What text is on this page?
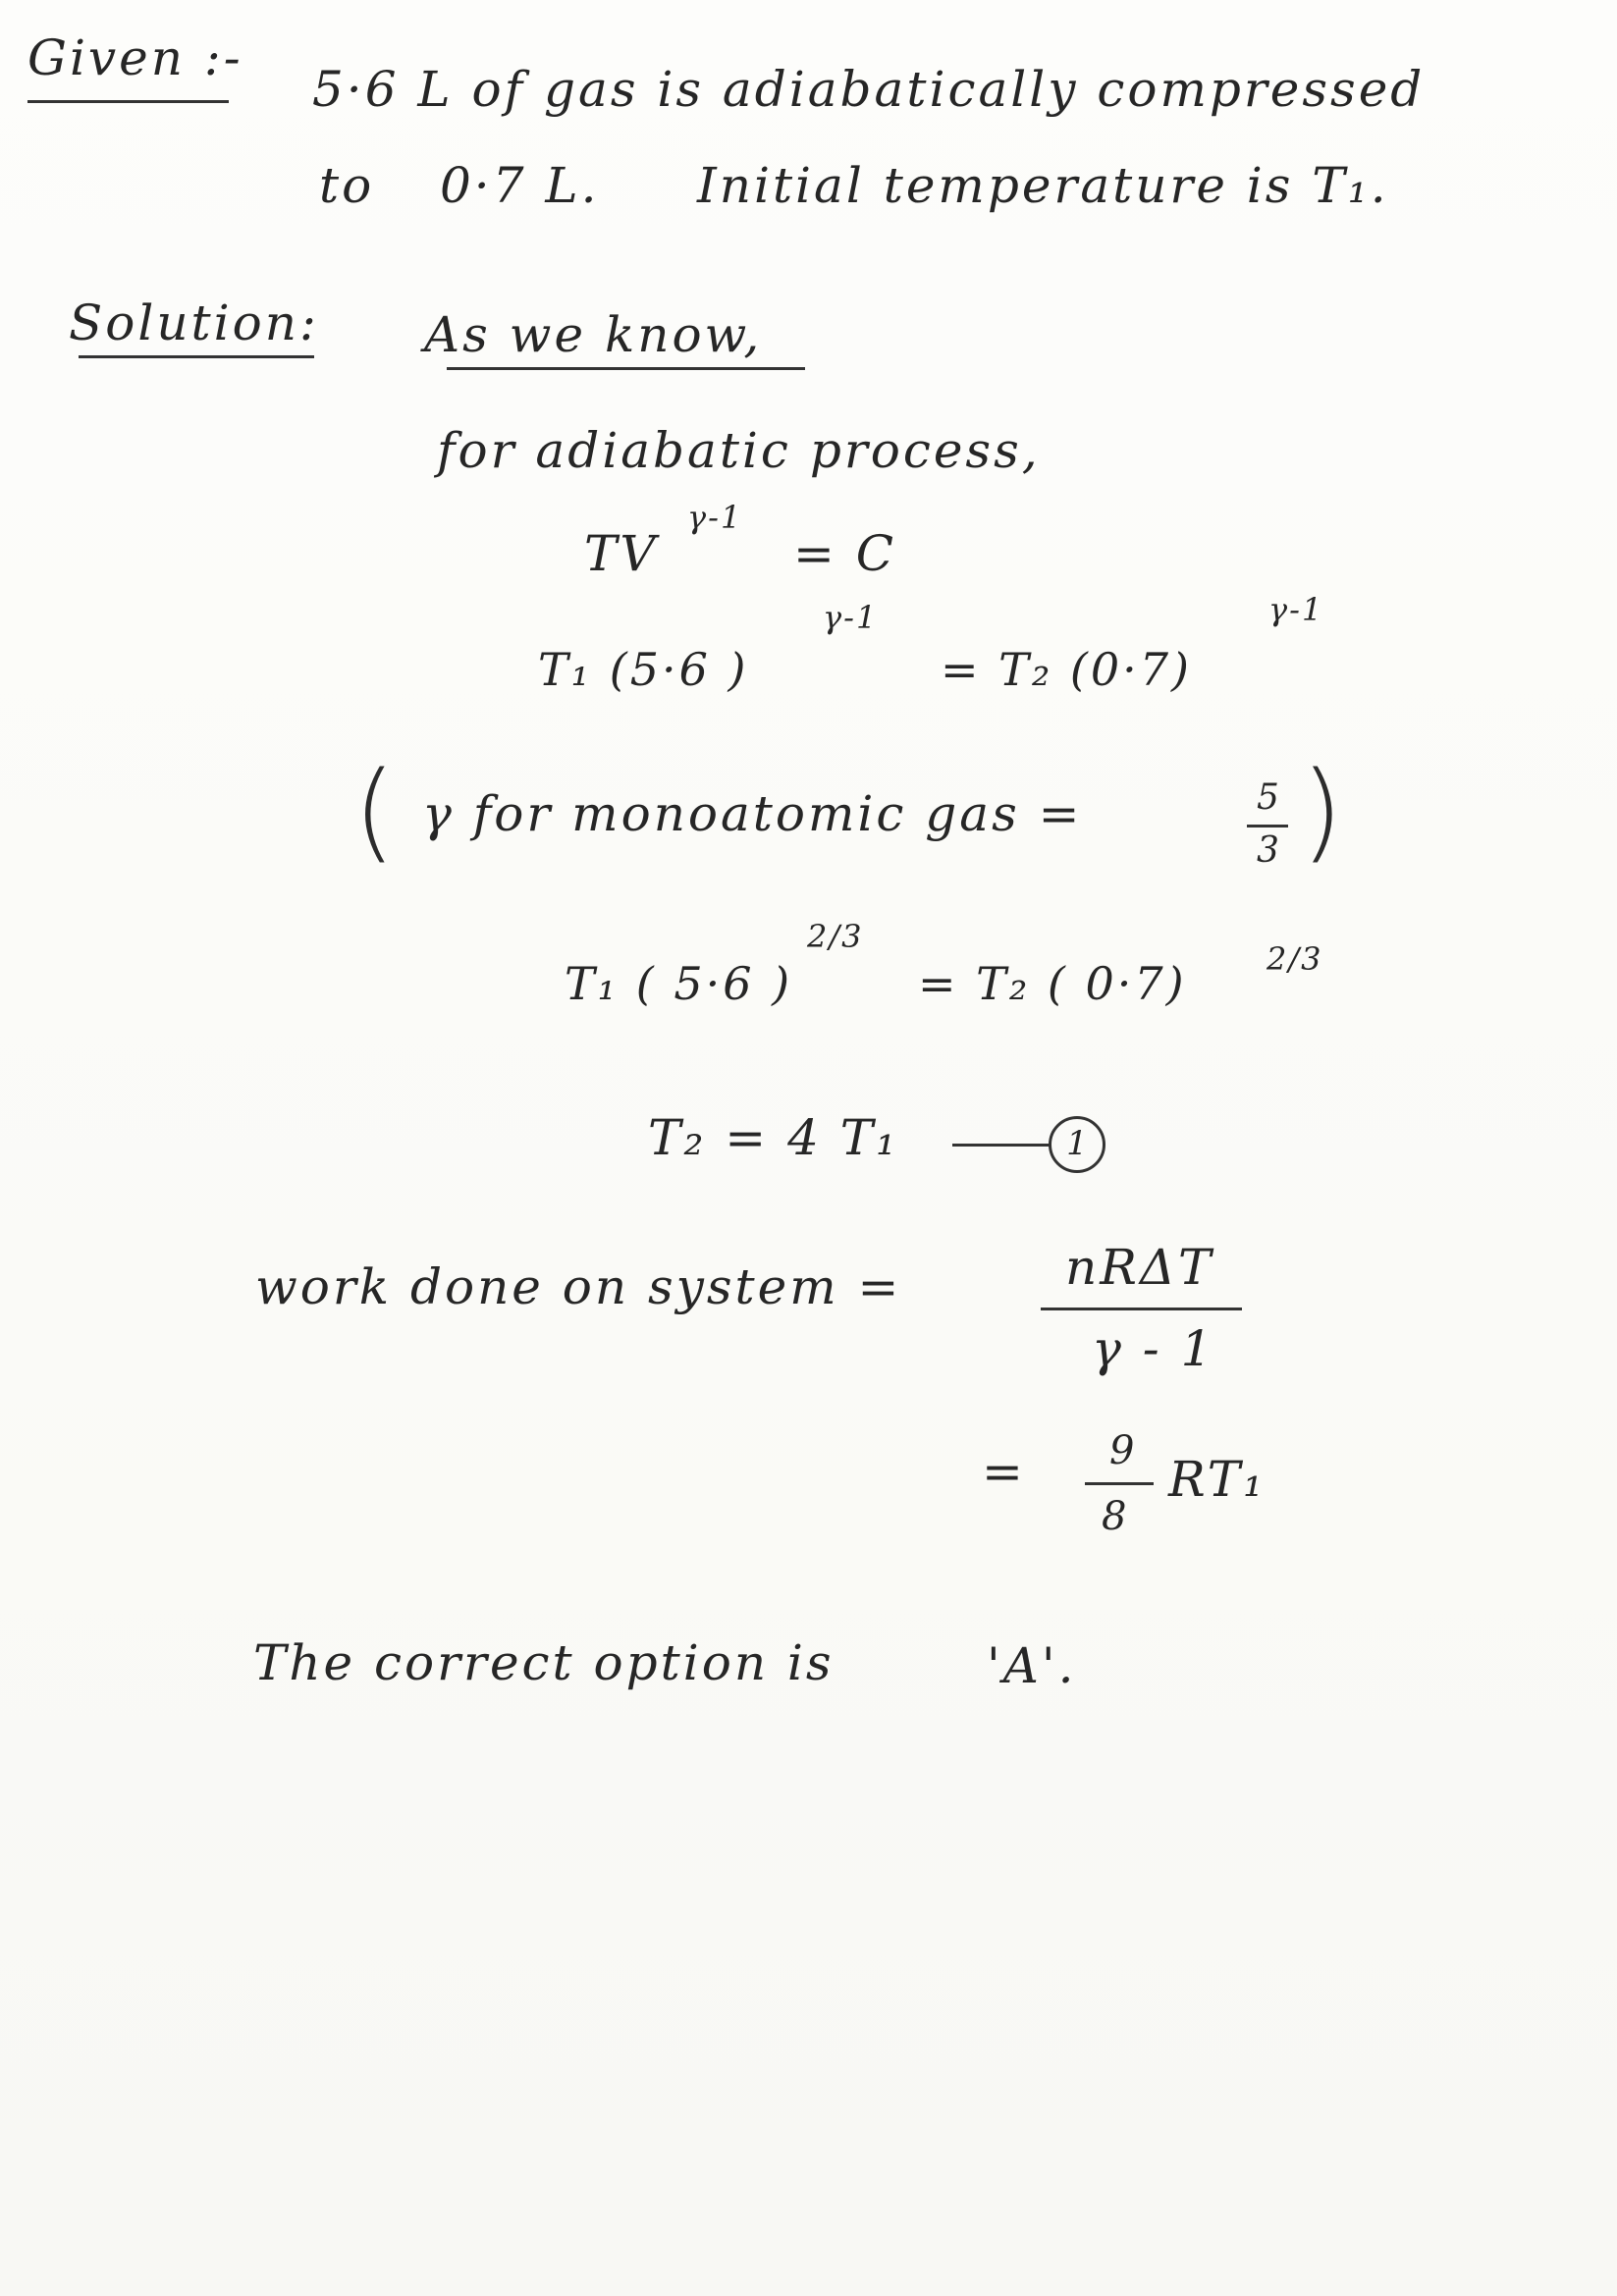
Given :-
5·6 L of gas is adiabatically compressed
to 0·7 L. Initial temperature is T₁.
Solution: As we know,
for adiabatic process,
TV
γ-1
= C
T₁ (5·6 )
γ-1
= T₂ (0·7)
γ-1
( γ for monoatomic gas =	5
3 )
T₁ ( 5·6 )
2/3
= T₂ ( 0·7)	2/3
T₂ = 4 T₁	1
work done on system =	nRΔT
γ - 1
= 9
8
RT₁
The correct option is	'A'.
